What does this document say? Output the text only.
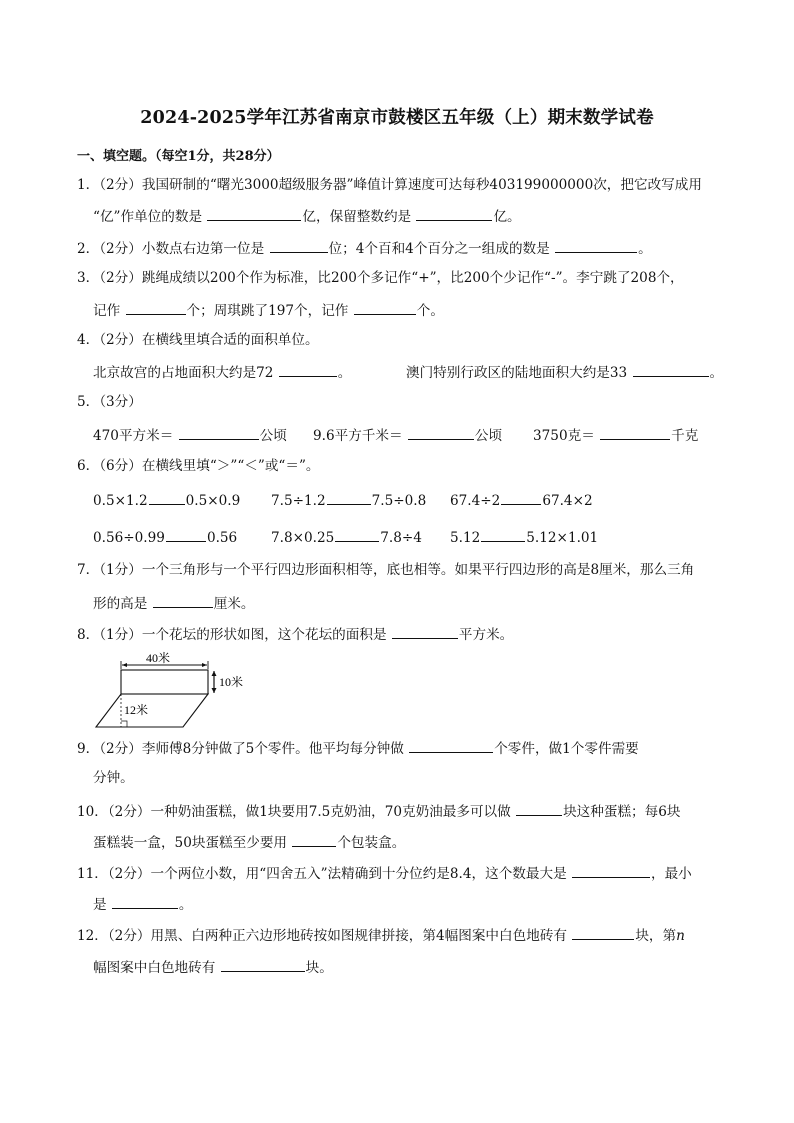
2024-2025学年江苏省南京市鼓楼区五年级（上）期末数学试卷
一、填空题。（每空1分，共28分）
1．（2分）我国研制的“曙光3000超级服务器”峰值计算速度可达每秒403199000000次，把它改写成用
“亿”作单位的数是	亿，保留整数约是	亿。
2．（2分）小数点右边第一位是	位；4个百和4个百分之一组成的数是	。
3．（2分）跳绳成绩以200个作为标准，比200个多记作“+”，比200个少记作“-”。李宁跳了208个，
记作	个；周琪跳了197个，记作	个。
4．（2分）在横线里填合适的面积单位。
北京故宫的占地面积大约是72	。	澳门特别行政区的陆地面积大约是33	。
5．（3分）
470平方米＝	公顷 9.6平方千米＝	公顷 3750克＝	千克
6．（6分）在横线里填“＞”“＜”或“＝”。
0.5×1.2	0.5×0.9 7.5÷1.2	7.5÷0.8 67.4÷2	67.4×2
0.56÷0.99	0.56 7.8×0.25	7.8÷4 5.12	5.12×1.01
7．（1分）一个三角形与一个平行四边形面积相等，底也相等。如果平行四边形的高是8厘米，那么三角
形的高是	厘米。
8．（1分）一个花坛的形状如图，这个花坛的面积是	平方米。
40米
10米
12米
9．（2分）李师傅8分钟做了5个零件。他平均每分钟做	个零件，做1个零件需要
分钟。
10．（2分）一种奶油蛋糕，做1块要用7.5克奶油，70克奶油最多可以做	块这种蛋糕；每6块
蛋糕装一盒，50块蛋糕至少要用	个包装盒。
11．（2分）一个两位小数，用“四舍五入”法精确到十分位约是8.4，这个数最大是	，最小
是	。
12．（2分）用黑、白两种正六边形地砖按如图规律拼接，第4幅图案中白色地砖有	块，第n
幅图案中白色地砖有	块。
